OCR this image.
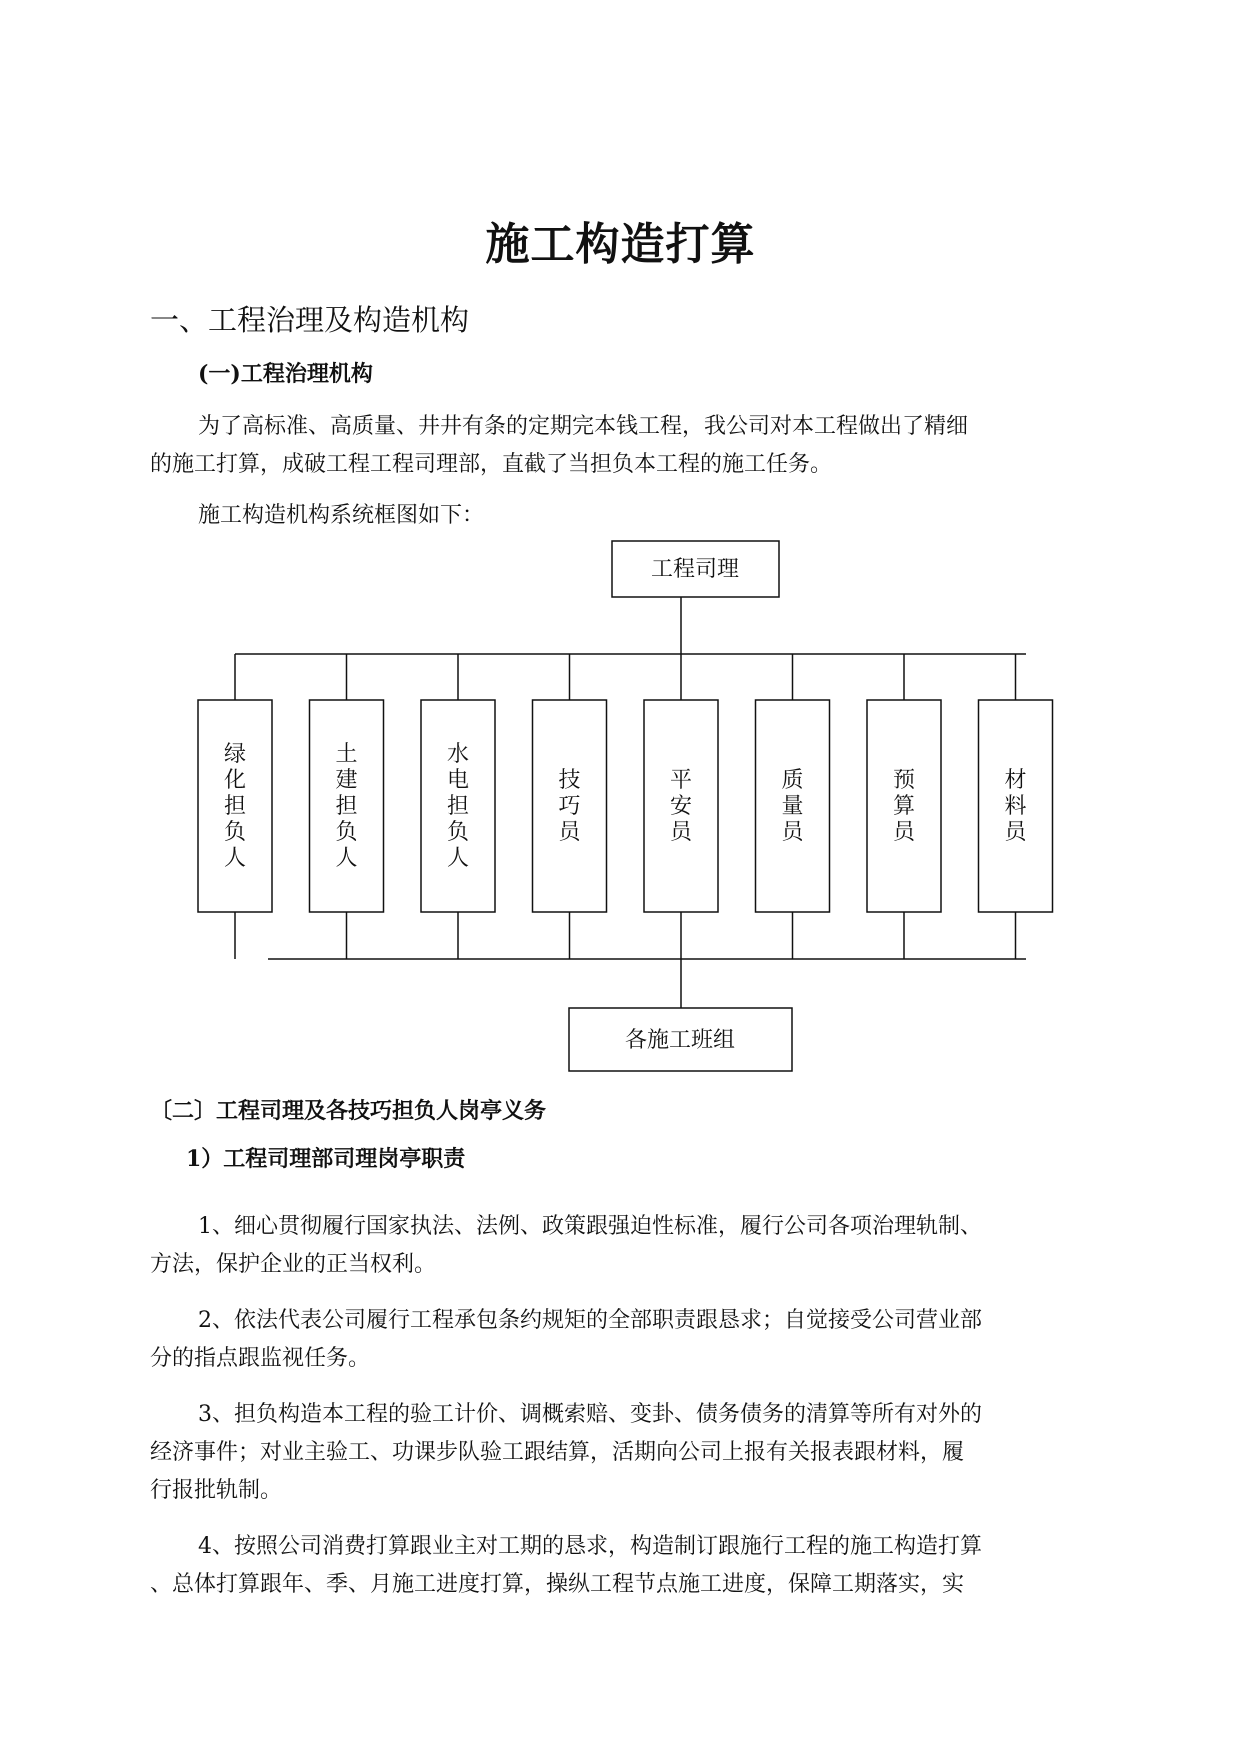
施工构造打算
一、工程治理及构造机构
(一)工程治理机构
为了高标准、高质量、井井有条的定期完本钱工程，我公司对本工程做出了精细
的施工打算，成破工程工程司理部，直截了当担负本工程的施工任务。
施工构造机构系统框图如下：
工程司理
各施工班组
绿化担负人
土建担负人
水电担负人
技巧员
平安员
质量员
预算员
材料员
〔二〕工程司理及各技巧担负人岗亭义务
1）工程司理部司理岗亭职责
1、细心贯彻履行国家执法、法例、政策跟强迫性标准，履行公司各项治理轨制、
方法，保护企业的正当权利。
2、依法代表公司履行工程承包条约规矩的全部职责跟恳求；自觉接受公司营业部
分的指点跟监视任务。
3、担负构造本工程的验工计价、调概索赔、变卦、债务债务的清算等所有对外的
经济事件；对业主验工、功课步队验工跟结算，活期向公司上报有关报表跟材料，履
行报批轨制。
4、按照公司消费打算跟业主对工期的恳求，构造制订跟施行工程的施工构造打算
、总体打算跟年、季、月施工进度打算，操纵工程节点施工进度，保障工期落实，实
